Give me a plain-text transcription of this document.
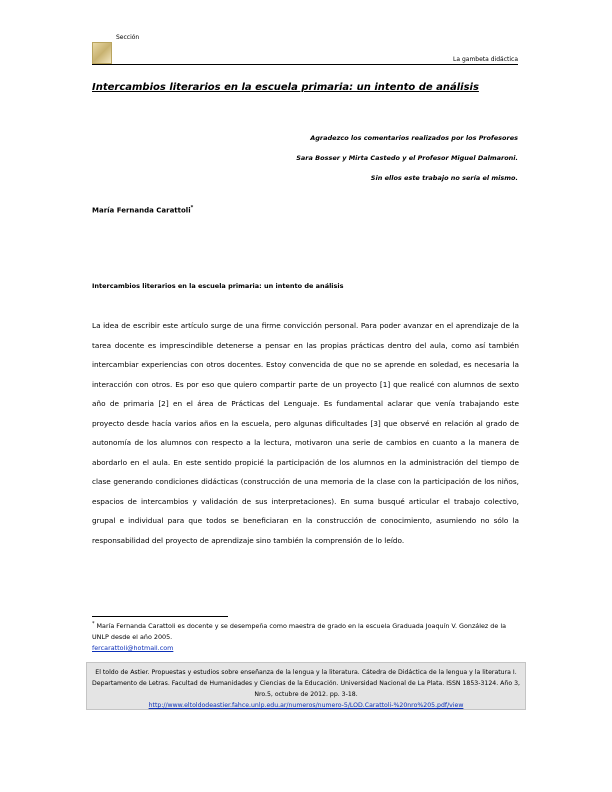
Sección
La gambeta didáctica
Intercambios literarios en la escuela primaria: un intento de análisis
Agradezco los comentarios realizados por los Profesores
Sara Bosser y Mirta Castedo y el Profesor Miguel Dalmaroni.
Sin ellos este trabajo no sería el mismo.
María Fernanda Carattoli*
Intercambios literarios en la escuela primaria: un intento de análisis

La idea de escribir este artículo surge de una firme convicción personal. Para poder avanzar en el aprendizaje de la tarea docente es imprescindible detenerse a pensar en las propias prácticas dentro del aula, como así también intercambiar experiencias con otros docentes. Estoy convencida de que no se aprende en soledad, es necesaria la interacción con otros. Es por eso que quiero compartir parte de un proyecto [1] que realicé con alumnos de sexto año de primaria [2] en el área de Prácticas del Lenguaje. Es fundamental aclarar que venía trabajando este proyecto desde hacía varios años en la escuela, pero algunas dificultades [3] que observé en relación al grado de autonomía de los alumnos con respecto a la lectura, motivaron una serie de cambios en cuanto a la manera de abordarlo en el aula. En este sentido propicié la participación de los alumnos en la administración del tiempo de clase generando condiciones didácticas (construcción de una memoria de la clase con la participación de los niños, espacios de intercambios y validación de sus interpretaciones). En suma busqué articular el trabajo colectivo, grupal e individual para que todos se beneficiaran en la construcción de conocimiento, asumiendo no sólo la responsabilidad del proyecto de aprendizaje sino también la comprensión de lo leído.

* María Fernanda Carattoli es docente y se desempeña como maestra de grado en la escuela Graduada Joaquín V. González de la UNLP desde el año 2005.
fercarattoli@hotmail.com

El toldo de Astier. Propuestas y estudios sobre enseñanza de la lengua y la literatura. Cátedra de Didáctica de la lengua y la literatura I. Departamento de Letras. Facultad de Humanidades y Ciencias de la Educación. Universidad Nacional de La Plata. ISSN 1853-3124. Año 3, Nro.5, octubre de 2012. pp. 3-18.

http://www.eltoldodeastier.fahce.unlp.edu.ar/numeros/numero-5/LOD.Carattoli-%20nro%205.pdf/view
